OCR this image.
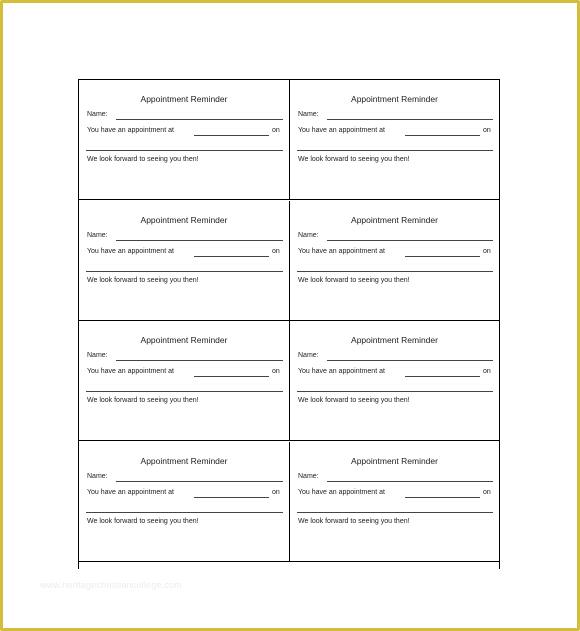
Appointment Reminder
Name:
You have an appointment at	on
We look forward to seeing you then!
Appointment Reminder
Name:
You have an appointment at	on
We look forward to seeing you then!
Appointment Reminder
Name:
You have an appointment at	on
We look forward to seeing you then!
Appointment Reminder
Name:
You have an appointment at	on
We look forward to seeing you then!
Appointment Reminder
Name:
You have an appointment at	on
We look forward to seeing you then!
Appointment Reminder
Name:
You have an appointment at	on
We look forward to seeing you then!
Appointment Reminder
Name:
You have an appointment at	on
We look forward to seeing you then!
Appointment Reminder
Name:
You have an appointment at	on
We look forward to seeing you then!
www.heritagechristiancollege.com
